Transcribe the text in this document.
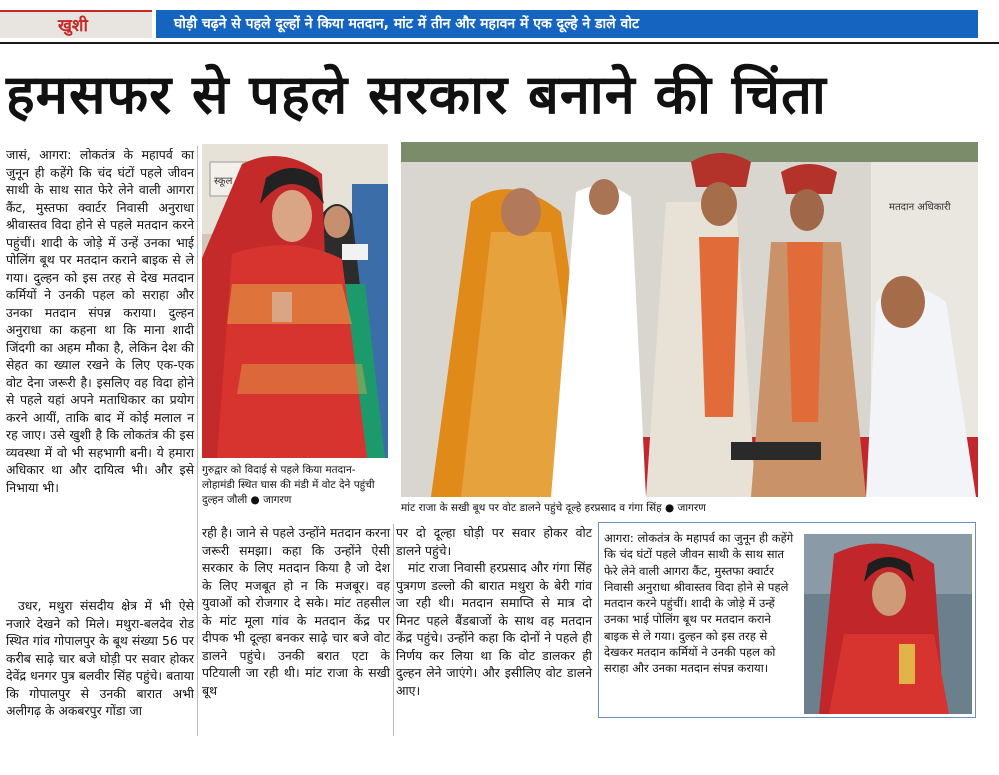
खुशी	घोड़ी चढ़ने से पहले दूल्हों ने किया मतदान, मांट में तीन और महावन में एक दूल्हे ने डाले वोट
हमसफर से पहले सरकार बनाने की चिंता

जासं, आगरा: लोकतंत्र के महापर्व का जुनून ही कहेंगे कि चंद घंटों पहले जीवन साथी के साथ सात फेरे लेने वाली आगरा कैंट, मुस्तफा क्वार्टर निवासी अनुराधा श्रीवास्तव विदा होने से पहले मतदान करने पहुंचीं। शादी के जोड़े में उन्हें उनका भाई पोलिंग बूथ पर मतदान कराने बाइक से ले गया। दुल्हन को इस तरह से देख मतदान कर्मियों ने उनकी पहल को सराहा और उनका मतदान संपन्न कराया। दुल्हन अनुराधा का कहना था कि माना शादी जिंदगी का अहम मौका है, लेकिन देश की सेहत का ख्याल रखने के लिए एक-एक वोट देना जरूरी है। इसलिए वह विदा होने से पहले यहां अपने मताधिकार का प्रयोग करने आयीं, ताकि बाद में कोई मलाल न रह जाए। उसे खुशी है कि लोकतंत्र की इस व्यवस्था में वो भी सहभागी बनी। ये हमारा अधिकार था और दायित्व भी। और इसे निभाया भी।

उधर, मथुरा संसदीय क्षेत्र में भी ऐसे नजारे देखने को मिले। मथुरा-बलदेव रोड स्थित गांव गोपालपुर के बूथ संख्या 56 पर करीब साढ़े चार बजे घोड़ी पर सवार होकर देवेंद्र धनगर पुत्र बलवीर सिंह पहुंचे। बताया कि गोपालपुर से उनकी बारात अभी अलीगढ़ के अकबरपुर गोंडा जा

स्कूल
गुरुद्वार को विदाई से पहले किया मतदान- लोहामंडी स्थित घास की मंडी में वोट देने पहुंची दुल्हन जौली ● जागरण
मतदान अधिकारी
मांट राजा के सखी बूथ पर वोट डालने पहुंचे दूल्हे हरप्रसाद व गंगा सिंह ● जागरण

रही है। जाने से पहले उन्होंने मतदान करना जरूरी समझा। कहा कि उन्होंने ऐसी सरकार के लिए मतदान किया है जो देश के लिए मजबूत हो न कि मजबूर। वह युवाओं को रोजगार दे सके। मांट तहसील के मांट मूला गांव के मतदान केंद्र पर दीपक भी दूल्हा बनकर साढ़े चार बजे वोट डालने पहुंचे। उनकी बरात एटा के पटियाली जा रही थी। मांट राजा के सखी बूथ

पर दो दूल्हा घोड़ी पर सवार होकर वोट डालने पहुंचे।

मांट राजा निवासी हरप्रसाद और गंगा सिंह पुत्रगण डल्लो की बारात मथुरा के बेरी गांव जा रही थी। मतदान समाप्ति से मात्र दो मिनट पहले बैंडबाजों के साथ वह मतदान केंद्र पहुंचे। उन्होंने कहा कि दोनों ने पहले ही निर्णय कर लिया था कि वोट डालकर ही दुल्हन लेने जाएंगे। और इसीलिए वोट डालने आए।

आगरा: लोकतंत्र के महापर्व का जुनून ही कहेंगे कि चंद घंटों पहले जीवन साथी के साथ सात फेरे लेने वाली आगरा कैंट, मुस्तफा क्वार्टर निवासी अनुराधा श्रीवास्तव विदा होने से पहले मतदान करने पहुंचीं। शादी के जोड़े में उन्हें उनका भाई पोलिंग बूथ पर मतदान कराने बाइक से ले गया। दुल्हन को इस तरह से देखकर मतदान कर्मियों ने उनकी पहल को सराहा और उनका मतदान संपन्न कराया।
